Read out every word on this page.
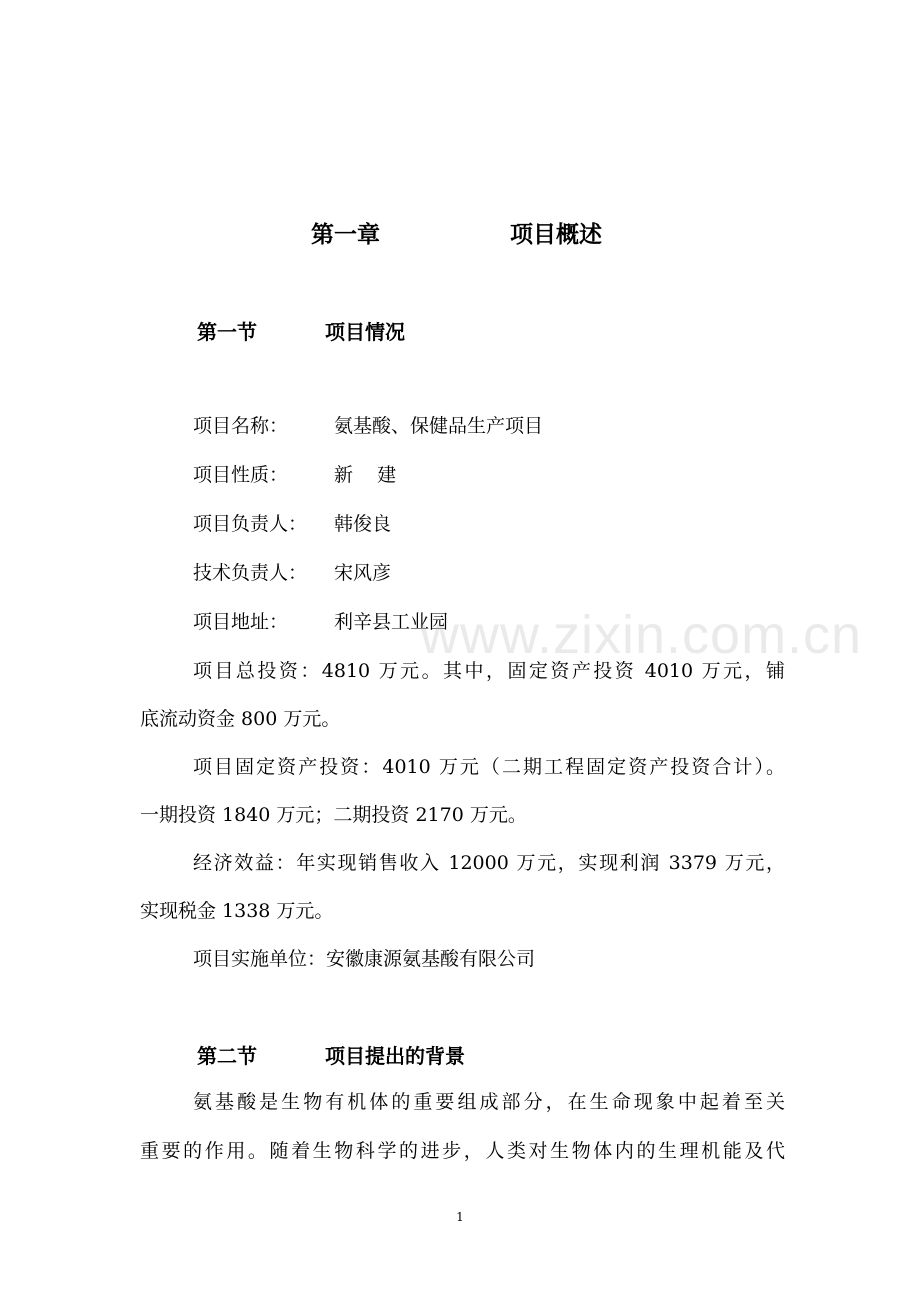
第一章	项目概述
第一节	项目情况
项目名称： 氨基酸、保健品生产项目
项目性质： 新    建
项目负责人： 韩俊良
技术负责人： 宋风彦
项目地址： 利辛县工业园
项目总投资：4810 万元。其中，固定资产投资 4010 万元，铺
底流动资金 800 万元。
项目固定资产投资：4010 万元（二期工程固定资产投资合计）。
一期投资 1840 万元；二期投资 2170 万元。
经济效益：年实现销售收入 12000 万元，实现利润 3379 万元，
实现税金 1338 万元。
项目实施单位：安徽康源氨基酸有限公司
第二节	项目提出的背景
氨基酸是生物有机体的重要组成部分，在生命现象中起着至关
重要的作用。随着生物科学的进步，人类对生物体内的生理机能及代
www.zixin.com.cn
1
